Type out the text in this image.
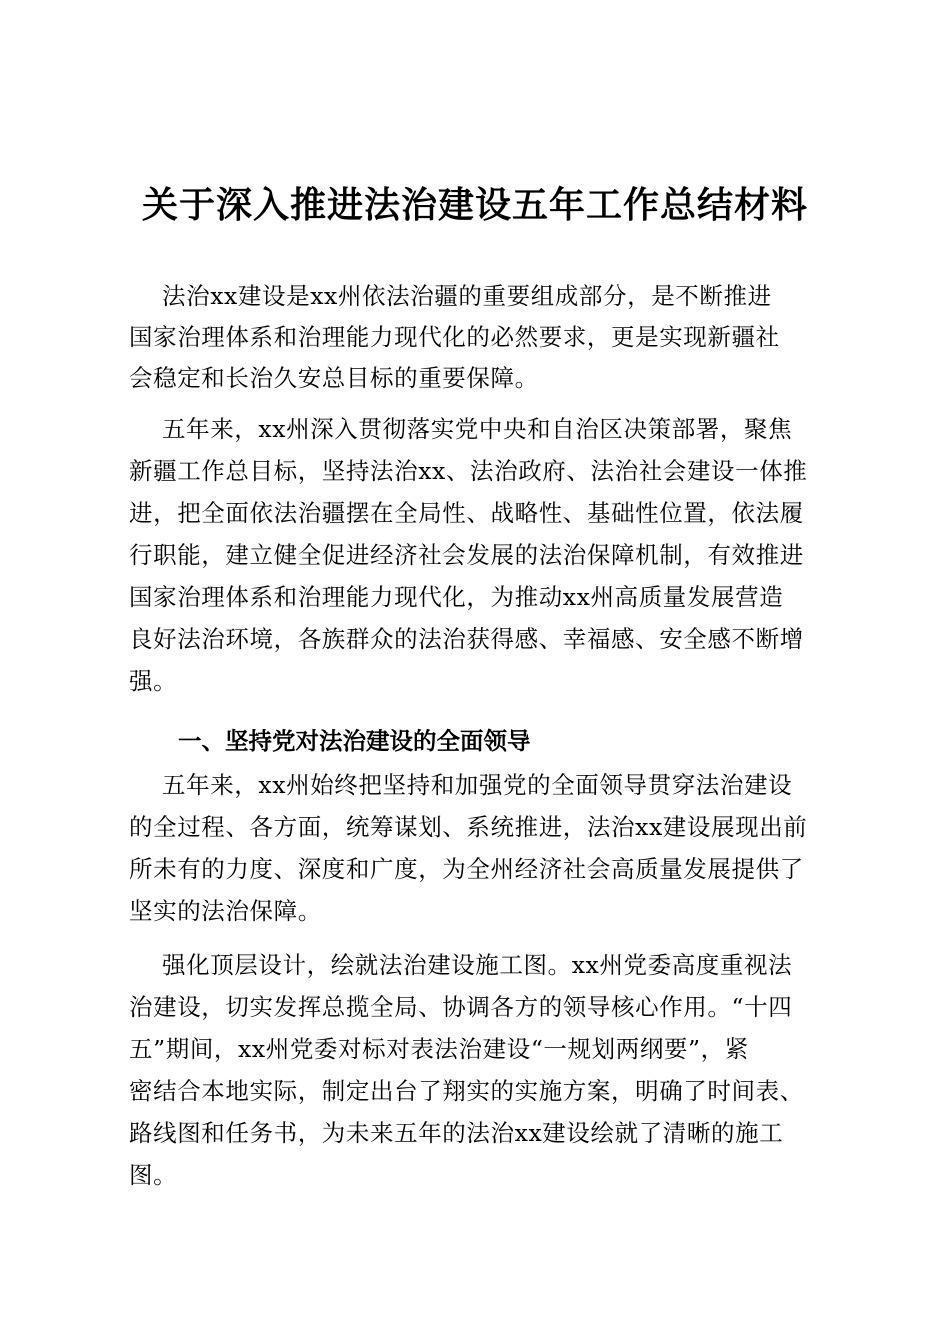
关于深入推进法治建设五年工作总结材料
法治xx建设是xx州依法治疆的重要组成部分，是不断推进
国家治理体系和治理能力现代化的必然要求，更是实现新疆社
会稳定和长治久安总目标的重要保障。
五年来，xx州深入贯彻落实党中央和自治区决策部署，聚焦
新疆工作总目标，坚持法治xx、法治政府、法治社会建设一体推
进，把全面依法治疆摆在全局性、战略性、基础性位置，依法履
行职能，建立健全促进经济社会发展的法治保障机制，有效推进
国家治理体系和治理能力现代化，为推动xx州高质量发展营造
良好法治环境，各族群众的法治获得感、幸福感、安全感不断增
强。
一、坚持党对法治建设的全面领导
五年来，xx州始终把坚持和加强党的全面领导贯穿法治建设
的全过程、各方面，统筹谋划、系统推进，法治xx建设展现出前
所未有的力度、深度和广度，为全州经济社会高质量发展提供了
坚实的法治保障。
强化顶层设计，绘就法治建设施工图。xx州党委高度重视法
治建设，切实发挥总揽全局、协调各方的领导核心作用。“十四
五”期间，xx州党委对标对表法治建设“一规划两纲要”，紧
密结合本地实际，制定出台了翔实的实施方案，明确了时间表、
路线图和任务书，为未来五年的法治xx建设绘就了清晰的施工
图。
